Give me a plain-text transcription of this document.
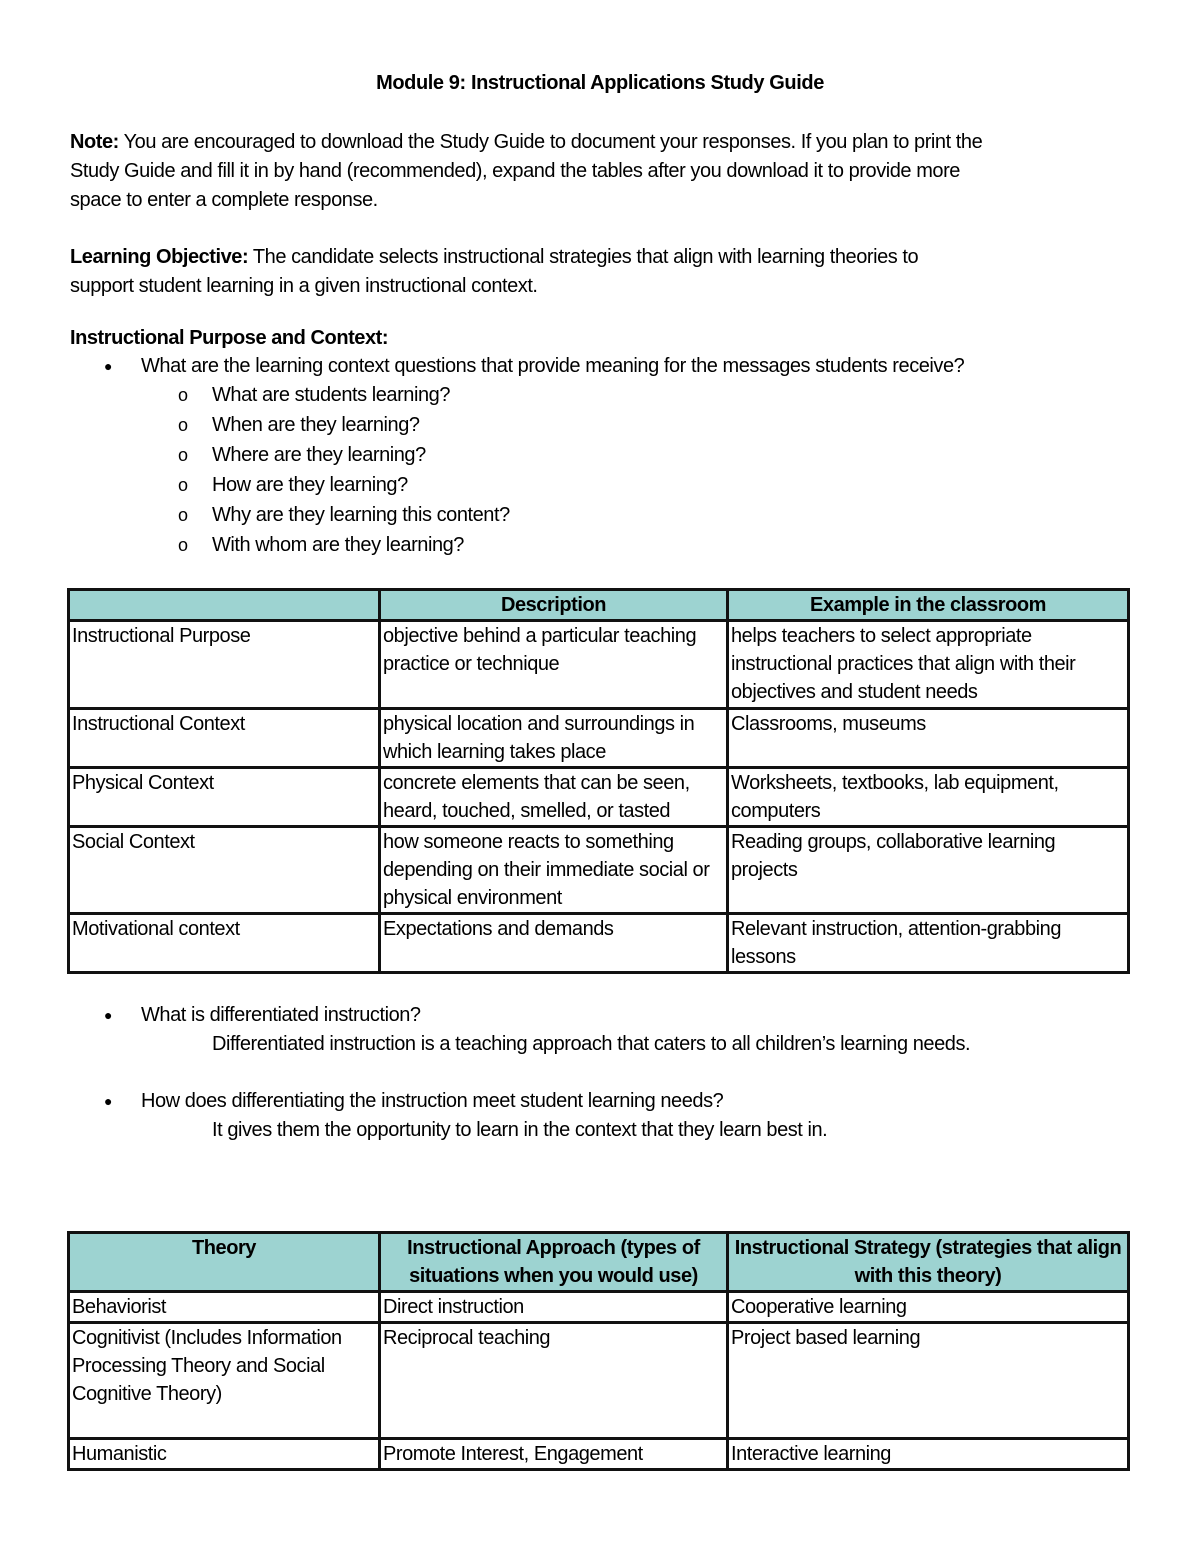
Module 9: Instructional Applications Study Guide
Note: You are encouraged to download the Study Guide to document your responses. If you plan to print the
Study Guide and fill it in by hand (recommended), expand the tables after you download it to provide more
space to enter a complete response.
Learning Objective: The candidate selects instructional strategies that align with learning theories to
support student learning in a given instructional context.
Instructional Purpose and Context:
● What are the learning context questions that provide meaning for the messages students receive?
o What are students learning?
o When are they learning?
o Where are they learning?
o How are they learning?
o Why are they learning this content?
o With whom are they learning?
	Description	Example in the classroom
Instructional Purpose	objective behind a particular teaching practice or technique	helps teachers to select appropriate instructional practices that align with their objectives and student needs
Instructional Context	physical location and surroundings in which learning takes place	Classrooms, museums
Physical Context	concrete elements that can be seen, heard, touched, smelled, or tasted	Worksheets, textbooks, lab equipment, computers
Social Context	how someone reacts to something depending on their immediate social or physical environment	Reading groups, collaborative learning projects
Motivational context	Expectations and demands	Relevant instruction, attention-grabbing lessons
● What is differentiated instruction?
Differentiated instruction is a teaching approach that caters to all children’s learning needs.
● How does differentiating the instruction meet student learning needs?
It gives them the opportunity to learn in the context that they learn best in.
Theory	Instructional Approach (types of situations when you would use)	Instructional Strategy (strategies that align with this theory)
Behaviorist	Direct instruction	Cooperative learning
Cognitivist (Includes Information Processing Theory and Social Cognitive Theory)	Reciprocal teaching	Project based learning
Humanistic	Promote Interest, Engagement	Interactive learning
